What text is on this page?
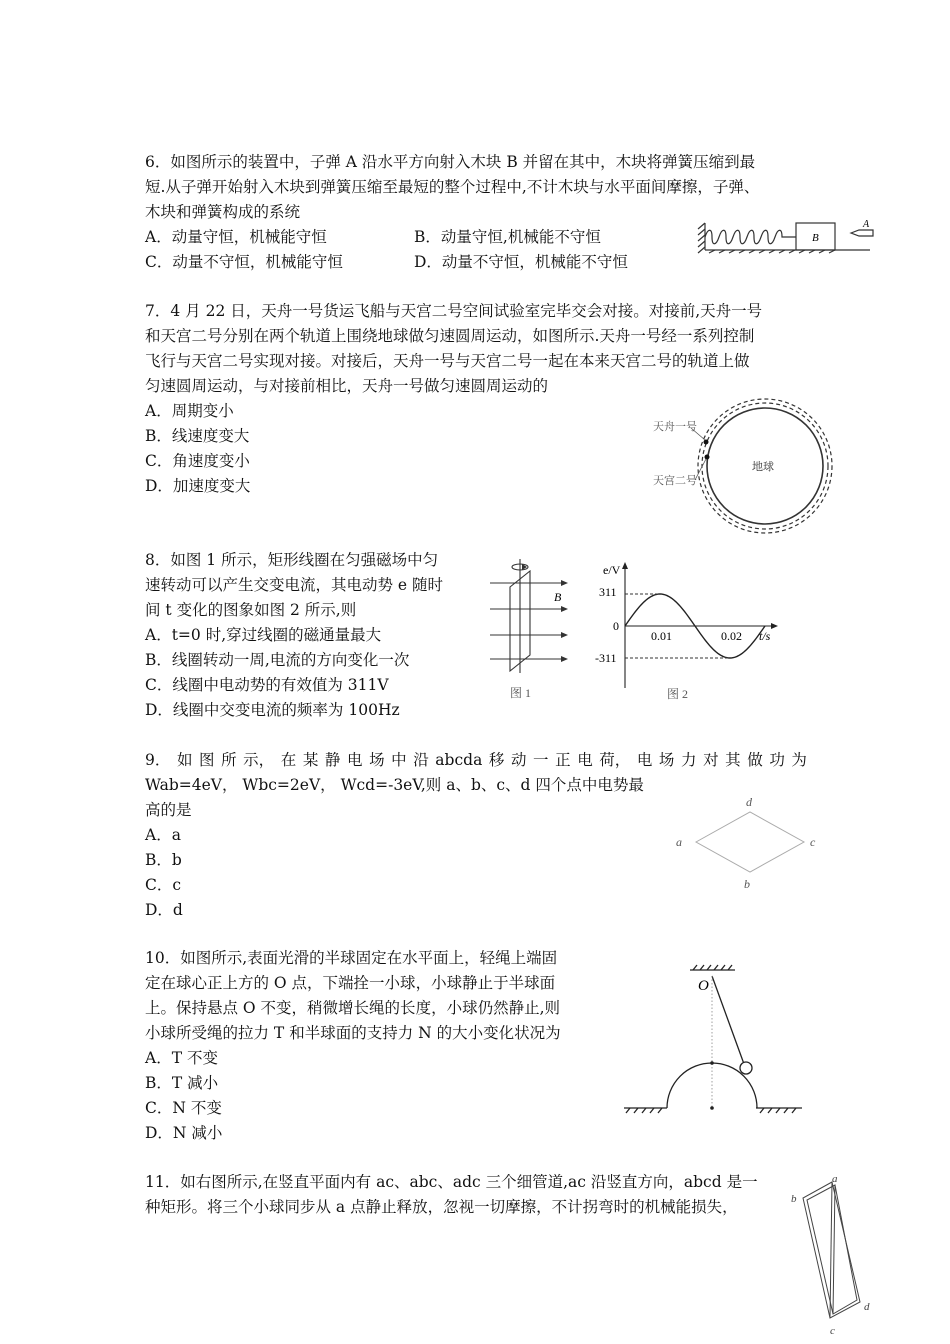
6．如图所示的装置中，子弹 A 沿水平方向射入木块 B 并留在其中，木块将弹簧压缩到最
短.从子弹开始射入木块到弹簧压缩至最短的整个过程中,不计木块与水平面间摩擦，子弹、
木块和弹簧构成的系统
A．动量守恒，机械能守恒	B．动量守恒,机械能不守恒
C．动量不守恒，机械能守恒	D．动量不守恒，机械能不守恒
B
A
7．4 月 22 日，天舟一号货运飞船与天宫二号空间试验室完毕交会对接。对接前,天舟一号
和天宫二号分别在两个轨道上围绕地球做匀速圆周运动，如图所示.天舟一号经一系列控制
飞行与天宫二号实现对接。对接后，天舟一号与天宫二号一起在本来天宫二号的轨道上做
匀速圆周运动，与对接前相比，天舟一号做匀速圆周运动的
A．周期变小
B．线速度变大
C．角速度变小
D．加速度变大
天舟一号
天宫二号
地球
8．如图 1 所示，矩形线圈在匀强磁场中匀
速转动可以产生交变电流，其电动势 e 随时
间 t 变化的图象如图 2 所示,则
A．t=0 时,穿过线圈的磁通量最大
B．线圈转动一周,电流的方向变化一次
C．线圈中电动势的有效值为 311V
D．线圈中交变电流的频率为 100Hz
B
图 1
e/V
311
0
-311
0.01	0.02 t/s
图 2
9． 如 图 所 示， 在 某 静 电 场 中 沿 abcda 移 动 一 正 电 荷， 电 场 力 对 其 做 功 为
Wab=4eV， Wbc=2eV， Wcd=-3eV,则 a、b、c、d 四个点中电势最
高的是
A．a
B．b
C．c
D．d
a
b
c
d
10．如图所示,表面光滑的半球固定在水平面上，轻绳上端固
定在球心正上方的 O 点，下端拴一小球，小球静止于半球面
上。保持悬点 O 不变，稍微增长绳的长度，小球仍然静止,则
小球所受绳的拉力 T 和半球面的支持力 N 的大小变化状况为
A．T 不变
B．T 减小
C．N 不变
D．N 减小
O
11．如右图所示,在竖直平面内有 ac、abc、adc 三个细管道,ac 沿竖直方向，abcd 是一
种矩形。将三个小球同步从 a 点静止释放，忽视一切摩擦，不计拐弯时的机械能损失，
a
b
c
d
